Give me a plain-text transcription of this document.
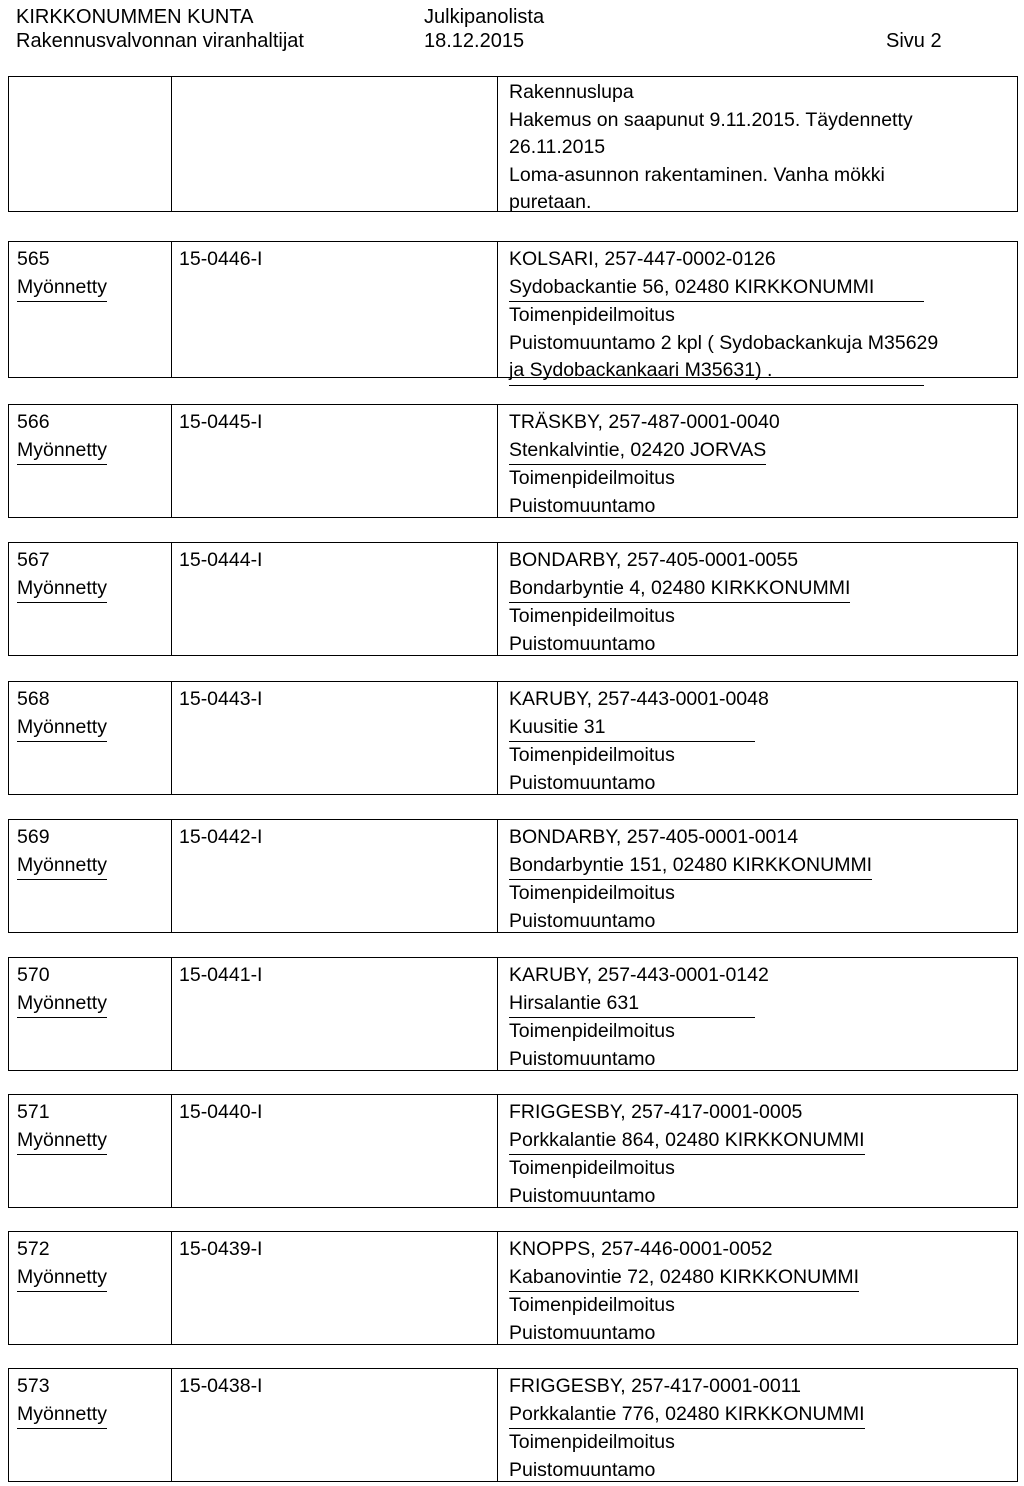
KIRKKONUMMEN KUNTA
Rakennusvalvonnan viranhaltijat
Julkipanolista
18.12.2015	Sivu 2
Rakennuslupa
Hakemus on saapunut 9.11.2015. Täydennetty
26.11.2015
Loma-asunnon rakentaminen. Vanha mökki
puretaan.
565
Myönnetty
15-0446-I	KOLSARI, 257-447-0002-0126
Sydobackantie 56, 02480 KIRKKONUMMI
Toimenpideilmoitus
Puistomuuntamo 2 kpl ( Sydobackankuja M35629
ja Sydobackankaari M35631) .
566
Myönnetty
15-0445-I	TRÄSKBY, 257-487-0001-0040
Stenkalvintie, 02420 JORVAS
Toimenpideilmoitus
Puistomuuntamo
567
Myönnetty
15-0444-I	BONDARBY, 257-405-0001-0055
Bondarbyntie 4, 02480 KIRKKONUMMI
Toimenpideilmoitus
Puistomuuntamo
568
Myönnetty
15-0443-I	KARUBY, 257-443-0001-0048
Kuusitie 31
Toimenpideilmoitus
Puistomuuntamo
569
Myönnetty
15-0442-I	BONDARBY, 257-405-0001-0014
Bondarbyntie 151, 02480 KIRKKONUMMI
Toimenpideilmoitus
Puistomuuntamo
570
Myönnetty
15-0441-I	KARUBY, 257-443-0001-0142
Hirsalantie 631
Toimenpideilmoitus
Puistomuuntamo
571
Myönnetty
15-0440-I	FRIGGESBY, 257-417-0001-0005
Porkkalantie 864, 02480 KIRKKONUMMI
Toimenpideilmoitus
Puistomuuntamo
572
Myönnetty
15-0439-I	KNOPPS, 257-446-0001-0052
Kabanovintie 72, 02480 KIRKKONUMMI
Toimenpideilmoitus
Puistomuuntamo
573
Myönnetty
15-0438-I	FRIGGESBY, 257-417-0001-0011
Porkkalantie 776, 02480 KIRKKONUMMI
Toimenpideilmoitus
Puistomuuntamo
